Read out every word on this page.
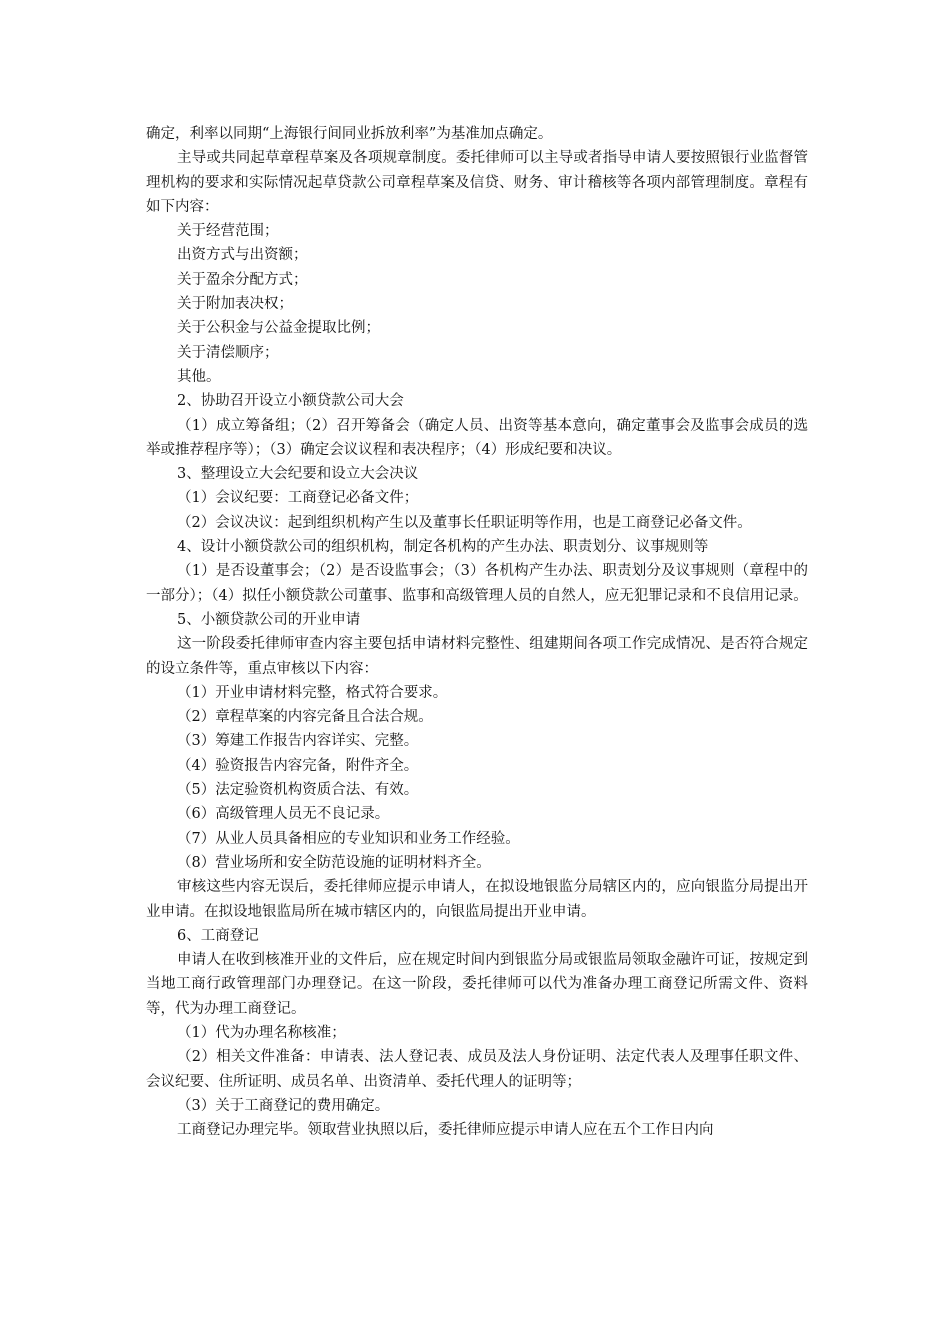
确定，利率以同期“上海银行间同业拆放利率”为基准加点确定。

主导或共同起草章程草案及各项规章制度。委托律师可以主导或者指导申请人要按照银行业监督管理机构的要求和实际情况起草贷款公司章程草案及信贷、财务、审计稽核等各项内部管理制度。章程有如下内容：

关于经营范围；

出资方式与出资额；

关于盈余分配方式；

关于附加表决权；

关于公积金与公益金提取比例；

关于清偿顺序；

其他。

2、协助召开设立小额贷款公司大会

（1）成立筹备组；（2）召开筹备会（确定人员、出资等基本意向，确定董事会及监事会成员的选举或推荐程序等）；（3）确定会议议程和表决程序；（4）形成纪要和决议。

3、整理设立大会纪要和设立大会决议

（1）会议纪要：工商登记必备文件；

（2）会议决议：起到组织机构产生以及董事长任职证明等作用，也是工商登记必备文件。

4、设计小额贷款公司的组织机构，制定各机构的产生办法、职责划分、议事规则等

（1）是否设董事会；（2）是否设监事会；（3）各机构产生办法、职责划分及议事规则（章程中的一部分）；（4）拟任小额贷款公司董事、监事和高级管理人员的自然人，应无犯罪记录和不良信用记录。

5、小额贷款公司的开业申请

这一阶段委托律师审查内容主要包括申请材料完整性、组建期间各项工作完成情况、是否符合规定的设立条件等，重点审核以下内容：

（1）开业申请材料完整，格式符合要求。

（2）章程草案的内容完备且合法合规。

（3）筹建工作报告内容详实、完整。

（4）验资报告内容完备，附件齐全。

（5）法定验资机构资质合法、有效。

（6）高级管理人员无不良记录。

（7）从业人员具备相应的专业知识和业务工作经验。

（8）营业场所和安全防范设施的证明材料齐全。

审核这些内容无误后，委托律师应提示申请人，在拟设地银监分局辖区内的，应向银监分局提出开业申请。在拟设地银监局所在城市辖区内的，向银监局提出开业申请。

6、工商登记

申请人在收到核准开业的文件后，应在规定时间内到银监分局或银监局领取金融许可证，按规定到当地工商行政管理部门办理登记。在这一阶段，委托律师可以代为准备办理工商登记所需文件、资料等，代为办理工商登记。

（1）代为办理名称核准；

（2）相关文件准备：申请表、法人登记表、成员及法人身份证明、法定代表人及理事任职文件、会议纪要、住所证明、成员名单、出资清单、委托代理人的证明等；

（3）关于工商登记的费用确定。

工商登记办理完毕。领取营业执照以后，委托律师应提示申请人应在五个工作日内向
